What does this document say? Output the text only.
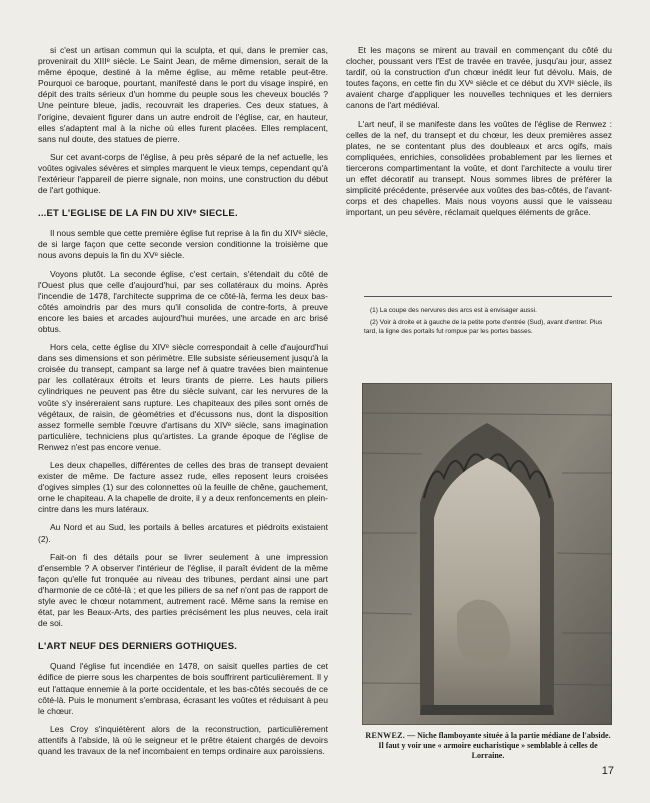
si c'est un artisan commun qui la sculpta, et qui, dans le premier cas, provenirait du XIIIᵉ siècle. Le Saint Jean, de même dimension, serait de la même époque, destiné à la même église, au même retable peut-être. Pourquoi ce baroque, pourtant, manifesté dans le port du visage inspiré, en dépit des traits sérieux d'un homme du peuple sous les cheveux bouclés ? Une peinture bleue, jadis, recouvrait les draperies. Ces deux statues, à l'origine, devaient figurer dans un autre endroit de l'église, car, en hauteur, elles s'adaptent mal à la niche où elles furent placées. Elles remplacent, sans nul doute, des statues de pierre.

Sur cet avant-corps de l'église, à peu près séparé de la nef actuelle, les voûtes ogivales sévères et simples marquent le vieux temps, cependant qu'à l'extérieur l'appareil de pierre signale, non moins, une construction du début de l'art gothique.

...ET L'EGLISE DE LA FIN DU XIVᵉ SIECLE.

Il nous semble que cette première église fut reprise à la fin du XIVᵉ siècle, de si large façon que cette seconde version conditionne la troisième que nous avons depuis la fin du XVᵉ siècle.

Voyons plutôt. La seconde église, c'est certain, s'étendait du côté de l'Ouest plus que celle d'aujourd'hui, par ses collatéraux du moins. Après l'incendie de 1478, l'architecte supprima de ce côté-là, ferma les deux bas-côtés amoindris par des murs qu'il consolida de contre-forts, à preuve encore les baies et arcades aujourd'hui murées, une arcade en arc brisé obtus.

Hors cela, cette église du XIVᵉ siècle correspondait à celle d'aujourd'hui dans ses dimensions et son périmètre. Elle subsiste sérieusement jusqu'à la croisée du transept, campant sa large nef à quatre travées bien maintenue par les collatéraux étroits et leurs tirants de pierre. Les hauts piliers cylindriques ne peuvent pas être du siècle suivant, car les nervures de la voûte s'y inséreraient sans rupture. Les chapiteaux des piles sont ornés de végétaux, de raisin, de géométries et d'écussons nus, dont la disposition assez formelle semble l'œuvre d'artisans du XIVᵉ siècle, sans imagination particulière, techniciens plus qu'artistes. La grande époque de l'église de Renwez n'est pas encore venue.

Les deux chapelles, différentes de celles des bras de transept devaient exister de même. De facture assez rude, elles reposent leurs croisées d'ogives simples (1) sur des colonnettes où la feuille de chêne, gauchement, orne le chapiteau. A la chapelle de droite, il y a deux renfoncements en plein-cintre dans les murs latéraux.

Au Nord et au Sud, les portails à belles arcatures et piédroits existaient (2).

Fait-on fi des détails pour se livrer seulement à une impression d'ensemble ? A observer l'intérieur de l'église, il paraît évident de la même façon qu'elle fut tronquée au niveau des tribunes, perdant ainsi une part d'harmonie de ce côté-là ; et que les piliers de sa nef n'ont pas de rapport de style avec le chœur notamment, autrement racé. Même sans la remise en état, par les Beaux-Arts, des parties précisément les plus neuves, cela irait de soi.

L'ART NEUF DES DERNIERS GOTHIQUES.

Quand l'église fut incendiée en 1478, on saisit quelles parties de cet édifice de pierre sous les charpentes de bois souffrirent particulièrement. Il y eut l'attaque ennemie à la porte occidentale, et les bas-côtés secoués de ce côté-là. Puis le monument s'embrasa, écrasant les voûtes et réduisant à peu le chœur.

Les Croy s'inquiétèrent alors de la reconstruction, particulièrement attentifs à l'abside, là où le seigneur et le prêtre étaient chargés de devoirs quand les travaux de la nef incombaient en temps ordinaire aux paroissiens.

Et les maçons se mirent au travail en commençant du côté du clocher, poussant vers l'Est de travée en travée, jusqu'au jour, assez tardif, où la construction d'un chœur inédit leur fut dévolu. Mais, de toutes façons, en cette fin du XVᵉ siècle et ce début du XVIᵉ siècle, ils avaient charge d'appliquer les nouvelles techniques et les derniers canons de l'art médiéval.

L'art neuf, il se manifeste dans les voûtes de l'église de Renwez : celles de la nef, du transept et du chœur, les deux premières assez plates, ne se contentant plus des doubleaux et arcs ogifs, mais compliquées, enrichies, consolidées probablement par les liernes et tiercerons compartimentant la voûte, et dont l'architecte a voulu tirer un effet décoratif au transept. Nous sommes libres de préférer la simplicité précédente, préservée aux voûtes des bas-côtés, de l'avant-corps et des chapelles. Mais nous voyons aussi que le vaisseau important, un peu sévère, réclamait quelques éléments de grâce.

(1) La coupe des nervures des arcs est à envisager aussi.

(2) Voir à droite et à gauche de la petite porte d'entrée (Sud), avant d'entrer. Plus tard, la ligne des portails fut rompue par les portes basses.

RENWEZ. — Niche flamboyante située à la partie médiane de l'abside. Il faut y voir une « armoire eucharistique » semblable à celles de Lorraine.
17
